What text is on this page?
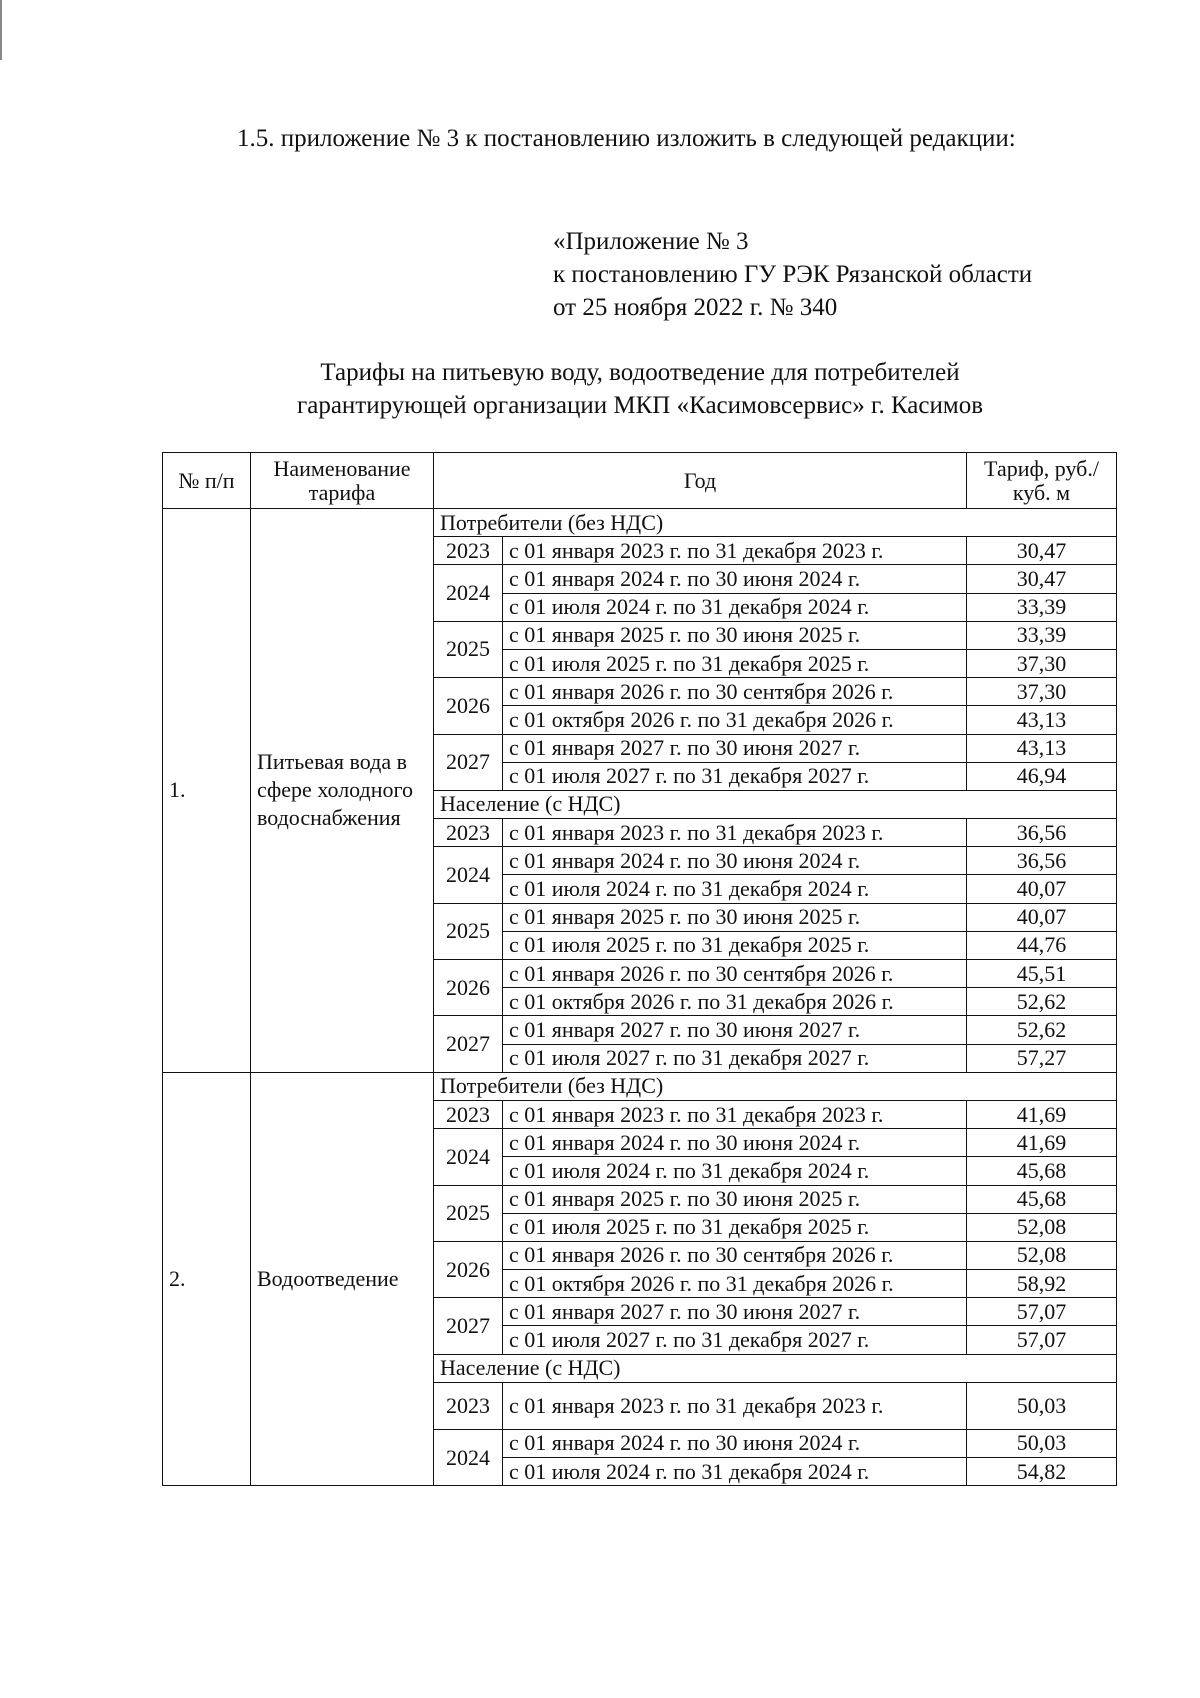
1.5. приложение № 3 к постановлению изложить в следующей редакции:

«Приложение № 3
к постановлению ГУ РЭК Рязанской области
от 25 ноября 2022 г. № 340
Тарифы на питьевую воду, водоотведение для потребителей
гарантирующей организации МКП «Касимовсервис» г. Касимов
№ п/п	Наименование тарифа	Год		Тариф, руб./куб. м
1.	Питьевая вода в сфере холодного водоснабжения	Потребители (без НДС)		
		2023	с 01 января 2023 г. по 31 декабря 2023 г.	30,47
		2024	с 01 января 2024 г. по 30 июня 2024 г.	30,47
			с 01 июля 2024 г. по 31 декабря 2024 г.	33,39
		2025	с 01 января 2025 г. по 30 июня 2025 г.	33,39
			с 01 июля 2025 г. по 31 декабря 2025 г.	37,30
		2026	с 01 января 2026 г. по 30 сентября 2026 г.	37,30
			с 01 октября 2026 г. по 31 декабря 2026 г.	43,13
		2027	с 01 января 2027 г. по 30 июня 2027 г.	43,13
			с 01 июля 2027 г. по 31 декабря 2027 г.	46,94
		Население (с НДС)		
		2023	с 01 января 2023 г. по 31 декабря 2023 г.	36,56
		2024	с 01 января 2024 г. по 30 июня 2024 г.	36,56
			с 01 июля 2024 г. по 31 декабря 2024 г.	40,07
		2025	с 01 января 2025 г. по 30 июня 2025 г.	40,07
			с 01 июля 2025 г. по 31 декабря 2025 г.	44,76
		2026	с 01 января 2026 г. по 30 сентября 2026 г.	45,51
			с 01 октября 2026 г. по 31 декабря 2026 г.	52,62
		2027	с 01 января 2027 г. по 30 июня 2027 г.	52,62
			с 01 июля 2027 г. по 31 декабря 2027 г.	57,27
2.	Водоотведение	Потребители (без НДС)		
		2023	с 01 января 2023 г. по 31 декабря 2023 г.	41,69
		2024	с 01 января 2024 г. по 30 июня 2024 г.	41,69
			с 01 июля 2024 г. по 31 декабря 2024 г.	45,68
		2025	с 01 января 2025 г. по 30 июня 2025 г.	45,68
			с 01 июля 2025 г. по 31 декабря 2025 г.	52,08
		2026	с 01 января 2026 г. по 30 сентября 2026 г.	52,08
			с 01 октября 2026 г. по 31 декабря 2026 г.	58,92
		2027	с 01 января 2027 г. по 30 июня 2027 г.	57,07
			с 01 июля 2027 г. по 31 декабря 2027 г.	57,07
		Население (с НДС)		
		2023	с 01 января 2023 г. по 31 декабря 2023 г.	50,03
		2024	с 01 января 2024 г. по 30 июня 2024 г.	50,03
			с 01 июля 2024 г. по 31 декабря 2024 г.	54,82
